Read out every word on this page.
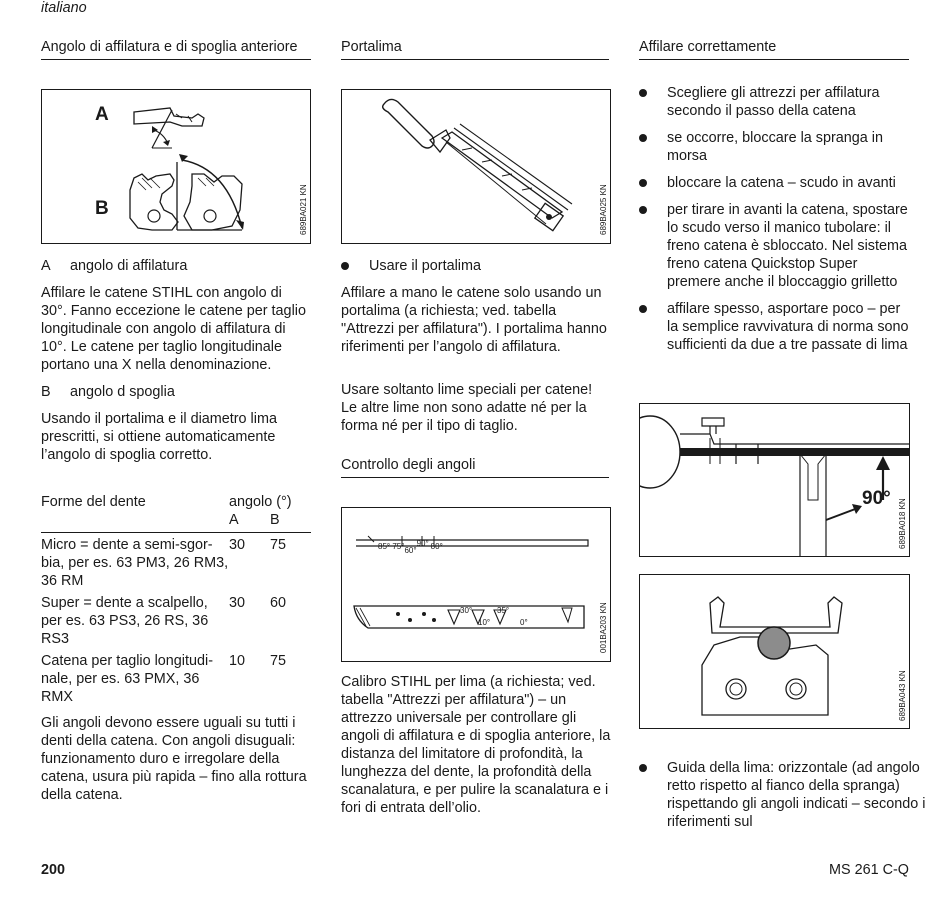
italiano
Angolo di affilatura e di spoglia anteriore
A
B	689BA021 KN
A angolo di affilatura

Affilare le catene STIHL con angolo di 30°. Fanno eccezione le catene per taglio longitudinale con angolo di affilatura di 10°. Le catene per taglio longitudinale portano una X nella denominazione.

B angolo d spoglia

Usando il portalima e il diametro lima prescritti, si ottiene automaticamente l’angolo di spoglia corretto.

Forme del dente	angolo (°)	
	A	B
Micro = dente a semi-sgor-bia, per es. 63 PM3, 26 RM3, 36 RM	30	75
Super = dente a scalpello, per es. 63 PS3, 26 RS, 36 RS3	30	60
Catena per taglio longitudi-nale, per es. 63 PMX, 36 RMX	10	75

Gli angoli devono essere uguali su tutti i denti della catena. Con angoli disuguali: funzionamento duro e irregolare della catena, usura più rapida – fino alla rottura della catena.

Portalima
689BA025 KN
Usare il portalima

Affilare a mano le catene solo usando un portalima (a richiesta; ved. tabella "Attrezzi per affilatura"). I portalima hanno riferimenti per l’angolo di affilatura.

Usare soltanto lime speciali per catene!
Le altre lime non sono adatte né per la forma né per il tipo di taglio.

Controllo degli angoli
85° 75°60°90° 80°
30°
10°
35°
0°	001BA203 KN

Calibro STIHL per lima (a richiesta; ved. tabella "Attrezzi per affilatura") – un attrezzo universale per controllare gli angoli di affilatura e di spoglia anteriore, la distanza del limitatore di profondità, la lunghezza del dente, la profondità della scanalatura, e per pulire la scanalatura e i fori di entrata dell’olio.

Affilare correttamente
Scegliere gli attrezzi per affilatura secondo il passo della catena
se occorre, bloccare la spranga in morsa
bloccare la catena – scudo in avanti
per tirare in avanti la catena, spostare lo scudo verso il manico tubolare: il freno catena è sbloccato. Nel sistema freno catena Quickstop Super premere anche il bloccaggio grilletto
affilare spesso, asportare poco – per la semplice ravvivatura di norma sono sufficienti da due a tre passate di lima
90° 689BA018 KN
689BA043 KN
Guida della lima: orizzontale (ad angolo retto rispetto al fianco della spranga) rispettando gli angoli indicati – secondo i riferimenti sul
200	MS 261 C-Q
